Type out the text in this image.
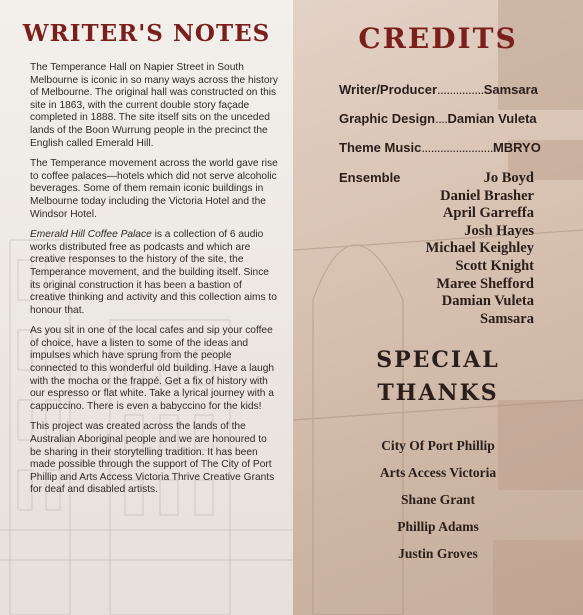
WRITER'S NOTES

The Temperance Hall on Napier Street in South Melbourne is iconic in so many ways across the history of Melbourne. The original hall was constructed on this site in 1863, with the current double story façade completed in 1888. The site itself sits on the unceded lands of the Boon Wurrung people in the precinct the English called Emerald Hill.

The Temperance movement across the world gave rise to coffee palaces—hotels which did not serve alcoholic beverages. Some of them remain iconic buildings in Melbourne today including the Victoria Hotel and the Windsor Hotel.

Emerald Hill Coffee Palace is a collection of 6 audio works distributed free as podcasts and which are creative responses to the history of the site, the Temperance movement, and the building itself. Since its original construction it has been a bastion of creative thinking and activity and this collection aims to honour that.

As you sit in one of the local cafes and sip your coffee of choice, have a listen to some of the ideas and impulses which have sprung from the people connected to this wonderful old building. Have a laugh with the mocha or the frappé. Get a fix of history with our espresso or flat white. Take a lyrical journey with a cappuccino. There is even a babyccino for the kids!

This project was created across the lands of the Australian Aboriginal people and we are honoured to be sharing in their storytelling tradition. It has been made possible through the support of The City of Port Phillip and Arts Access Victoria Thrive Creative Grants for deaf and disabled artists.

CREDITS
Writer/Producer...............Samsara
Graphic Design....Damian Vuleta
Theme Music.......................MBRYO
Ensemble	Jo Boyd
Daniel Brasher
April Garreffa
Josh Hayes
Michael Keighley
Scott Knight
Maree Shefford
Damian Vuleta
Samsara
SPECIAL
THANKS
City Of Port Phillip
Arts Access Victoria
Shane Grant
Phillip Adams
Justin Groves
